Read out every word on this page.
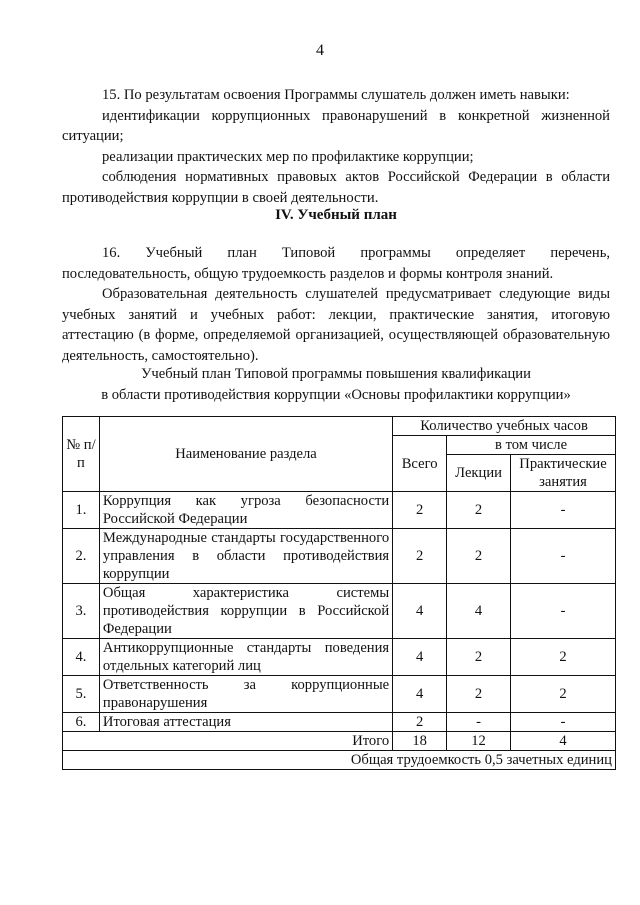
4

15. По результатам освоения Программы слушатель должен иметь навыки:

идентификации коррупционных правонарушений в конкретной жизненной ситуации;

реализации практических мер по профилактике коррупции;

соблюдения нормативных правовых актов Российской Федерации в области противодействия коррупции в своей деятельности.

IV. Учебный план

16. Учебный план Типовой программы определяет перечень, последовательность, общую трудоемкость разделов и формы контроля знаний.

Образовательная деятельность слушателей предусматривает следующие виды учебных занятий и учебных работ: лекции, практические занятия, итоговую аттестацию (в форме, определяемой организацией, осуществляющей образовательную деятельность, самостоятельно).

Учебный план Типовой программы повышения квалификации
в области противодействия коррупции «Основы профилактики коррупции»
№ п/п	Наименование раздела	Количество учебных часов		
		Всего	в том числе	
			Лекции	Практические занятия
1.	Коррупция как угроза безопасности Российской Федерации	2	2	-
2.	Международные стандарты государственного управления в области противодействия коррупции	2	2	-
3.	Общая характеристика системы противодействия коррупции в Российской Федерации	4	4	-
4.	Антикоррупционные стандарты поведения отдельных категорий лиц	4	2	2
5.	Ответственность за коррупционные правонарушения	4	2	2
6.	Итоговая аттестация	2	-	-
Итого		18	12	4
Общая трудоемкость 0,5 зачетных единиц				
